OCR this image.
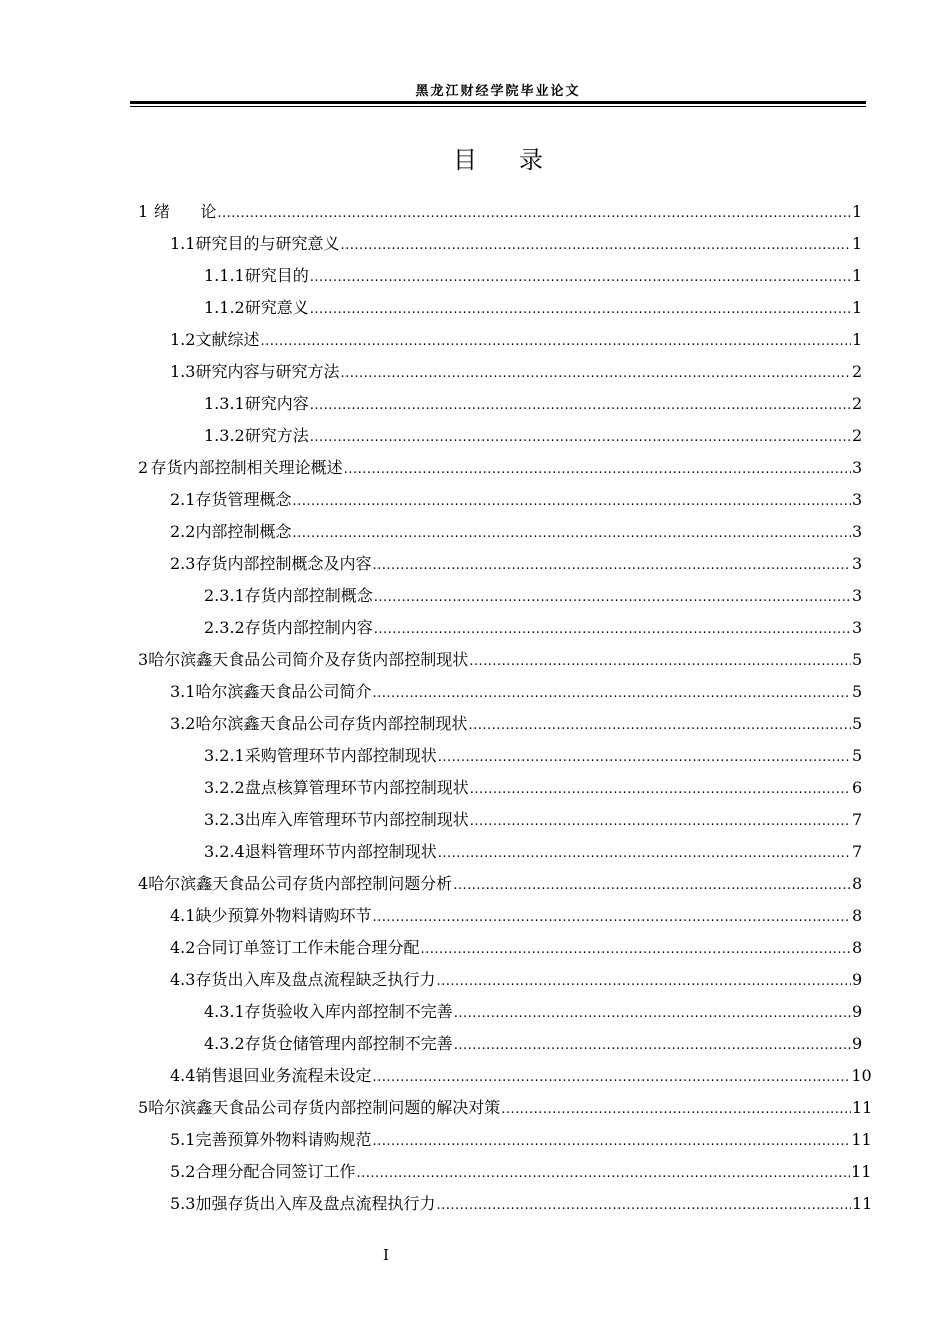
黑龙江财经学院毕业论文
目录
1 绪      论 .....	1
1.1 研究目的与研究意义 .....	1
1.1.1 研究目的 .....	1
1.1.2 研究意义 .....	1
1.2 文献综述 .....	1
1.3 研究内容与研究方法 .....	2
1.3.1 研究内容 .....	2
1.3.2 研究方法 .....	2
2 存货内部控制相关理论概述 .....	3
2.1 存货管理概念 .....	3
2.2 内部控制概念 .....	3
2.3 存货内部控制概念及内容 .....	3
2.3.1 存货内部控制概念 .....	3
2.3.2 存货内部控制内容 .....	3
3 哈尔滨鑫天食品公司简介及存货内部控制现状 .....	5
3.1 哈尔滨鑫天食品公司简介 .....	5
3.2 哈尔滨鑫天食品公司存货内部控制现状 .....	5
3.2.1 采购管理环节内部控制现状 .....	5
3.2.2 盘点核算管理环节内部控制现状 .....	6
3.2.3 出库入库管理环节内部控制现状 .....	7
3.2.4 退料管理环节内部控制现状 .....	7
4 哈尔滨鑫天食品公司存货内部控制问题分析 .....	8
4.1 缺少预算外物料请购环节 .....	8
4.2 合同订单签订工作未能合理分配 .....	8
4.3 存货出入库及盘点流程缺乏执行力 .....	9
4.3.1 存货验收入库内部控制不完善 .....	9
4.3.2 存货仓储管理内部控制不完善 .....	9
4.4 销售退回业务流程未设定 .....	10
5 哈尔滨鑫天食品公司存货内部控制问题的解决对策 .....	11
5.1 完善预算外物料请购规范 .....	11
5.2 合理分配合同签订工作 .....	11
5.3 加强存货出入库及盘点流程执行力 .....	11
I
